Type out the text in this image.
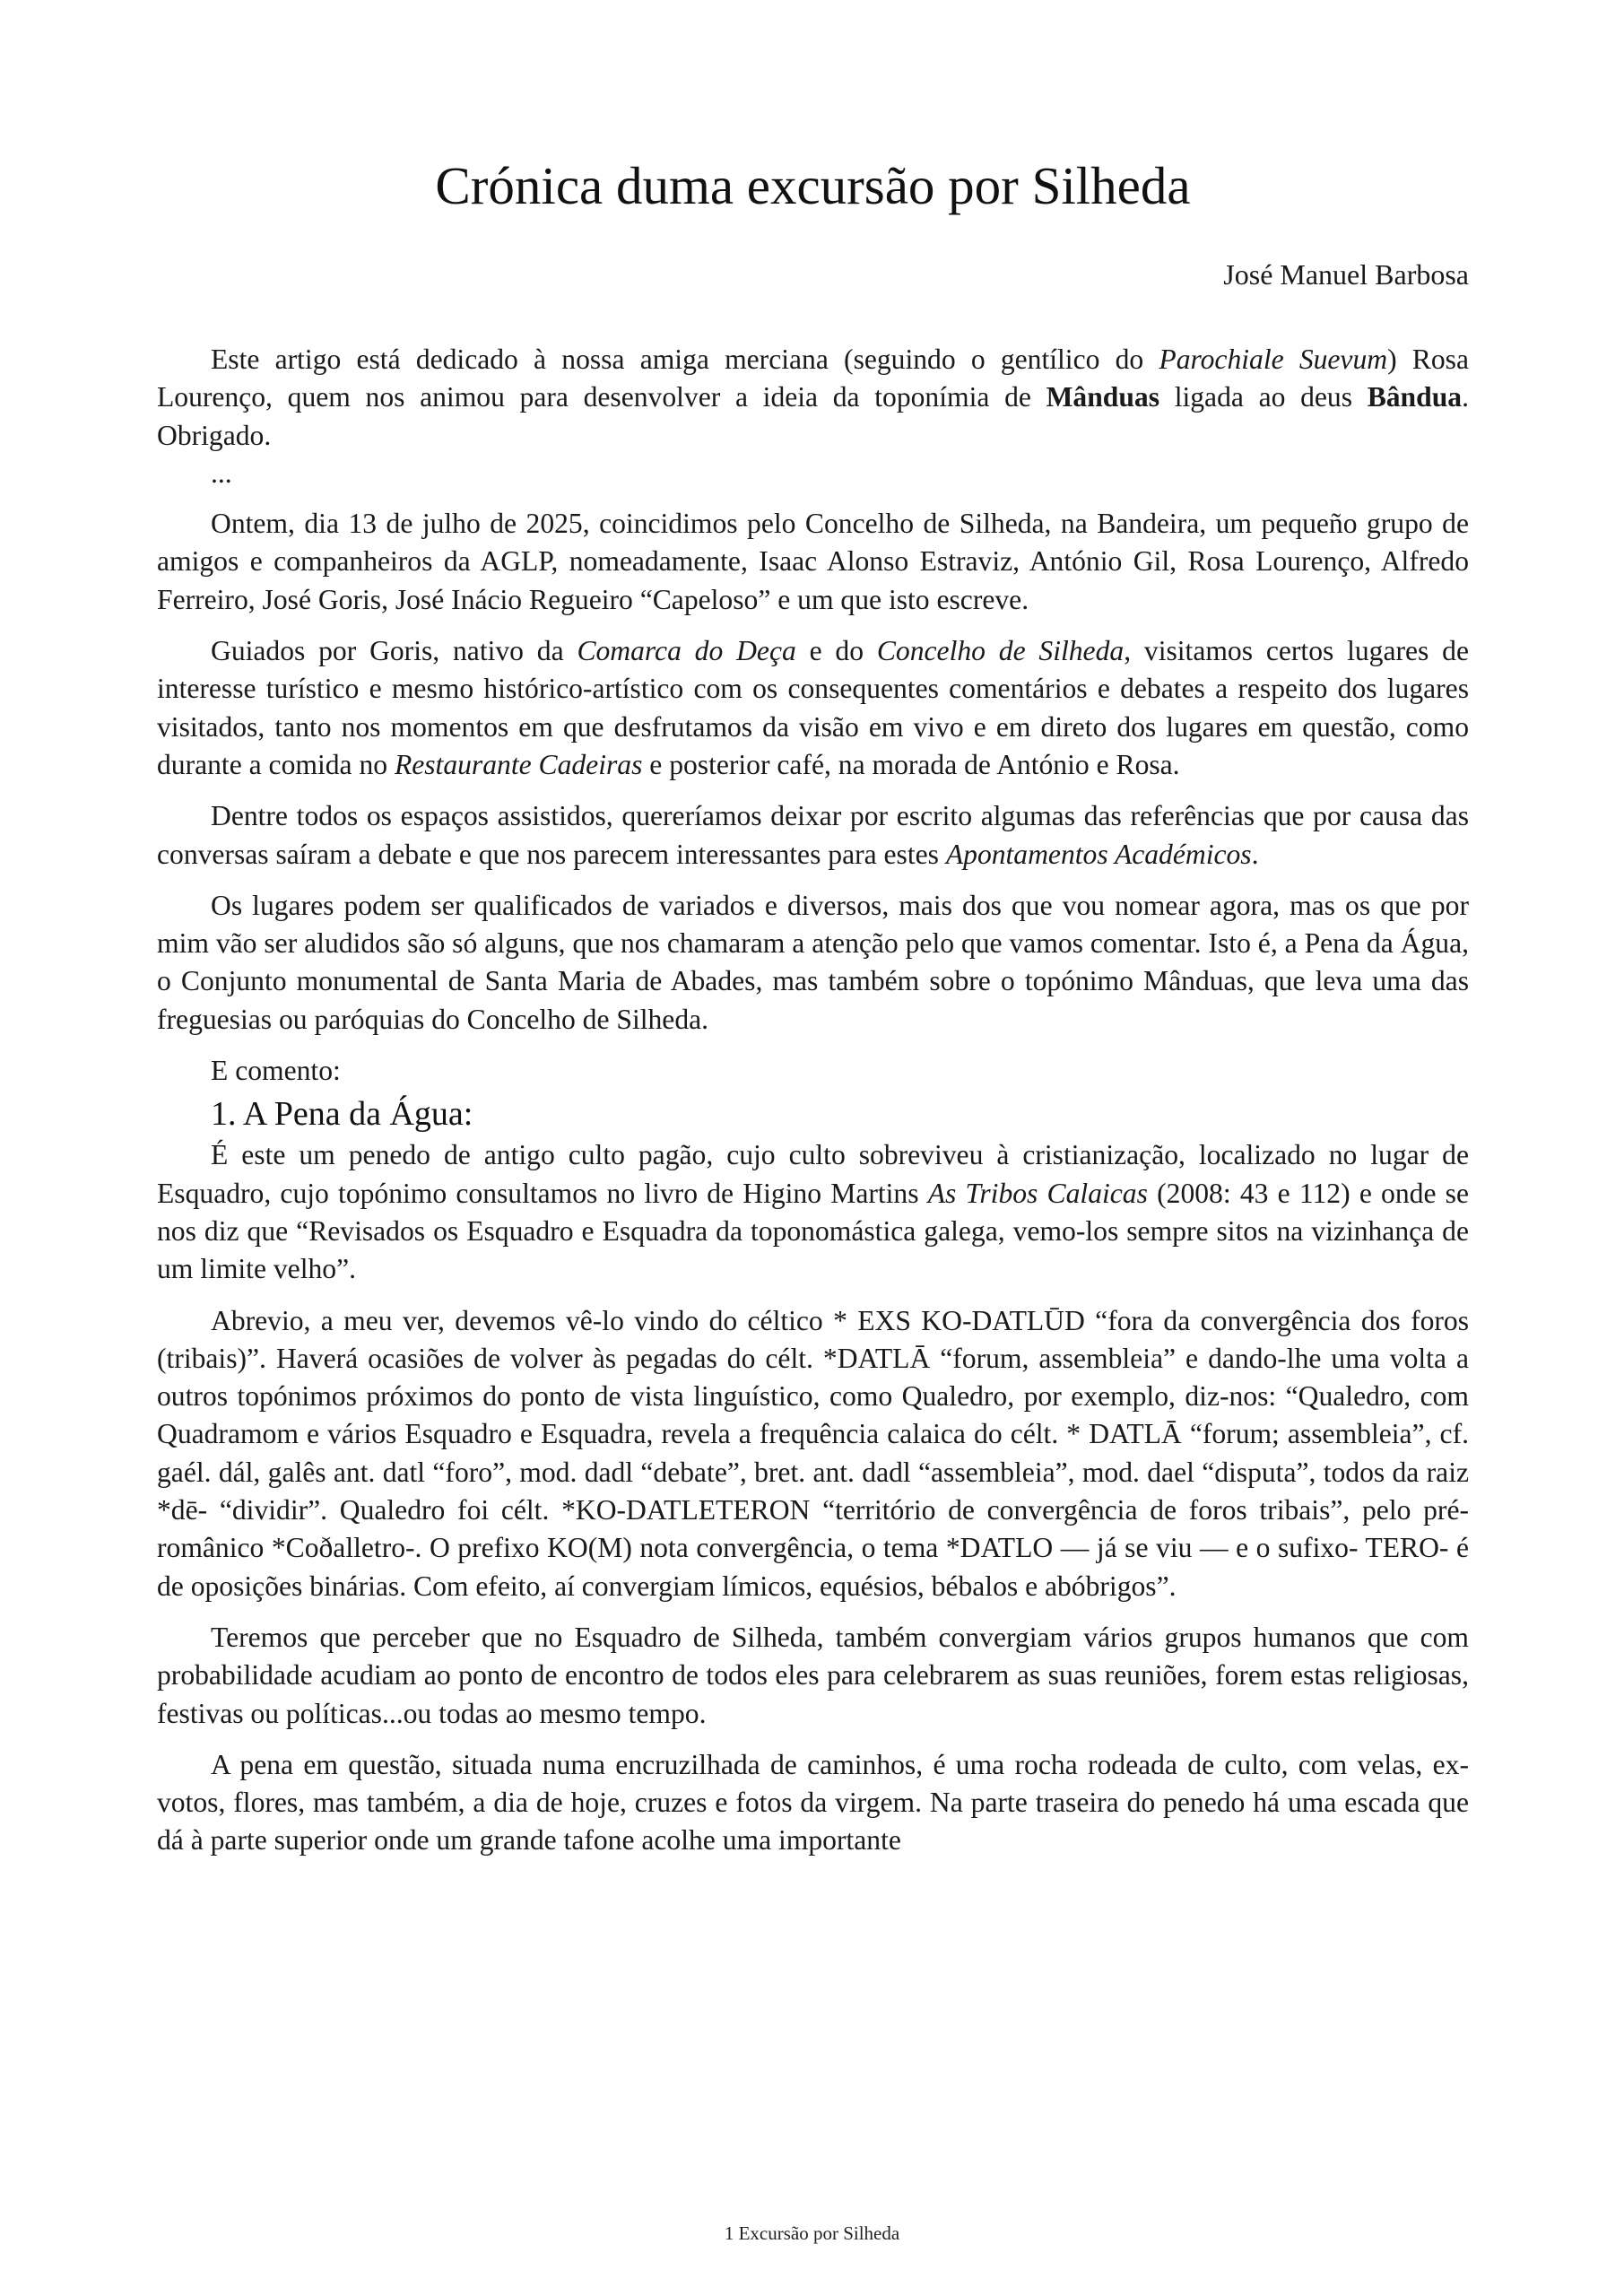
Crónica duma excursão por Silheda
José Manuel Barbosa

Este artigo está dedicado à nossa amiga merciana (seguindo o gentílico do Parochiale Suevum) Rosa Lourenço, quem nos animou para desenvolver a ideia da toponímia de Mânduas ligada ao deus Bândua. Obrigado.

...

Ontem, dia 13 de julho de 2025, coincidimos pelo Concelho de Silheda, na Bandeira, um pequeño grupo de amigos e companheiros da AGLP, nomeadamente, Isaac Alonso Estraviz, António Gil, Rosa Lourenço, Alfredo Ferreiro, José Goris, José Inácio Regueiro “Capeloso” e um que isto escreve.

Guiados por Goris, nativo da Comarca do Deça e do Concelho de Silheda, visitamos certos lugares de interesse turístico e mesmo histórico-artístico com os consequentes comentários e debates a respeito dos lugares visitados, tanto nos momentos em que desfrutamos da visão em vivo e em direto dos lugares em questão, como durante a comida no Restaurante Cadeiras e posterior café, na morada de António e Rosa.

Dentre todos os espaços assistidos, quereríamos deixar por escrito algumas das referências que por causa das conversas saíram a debate e que nos parecem interessantes para estes Apontamentos Académicos.

Os lugares podem ser qualificados de variados e diversos, mais dos que vou nomear agora, mas os que por mim vão ser aludidos são só alguns, que nos chamaram a atenção pelo que vamos comentar. Isto é, a Pena da Água, o Conjunto monumental de Santa Maria de Abades, mas também sobre o topónimo Mânduas, que leva uma das freguesias ou paróquias do Concelho de Silheda.

E comento:

1. A Pena da Água:

É este um penedo de antigo culto pagão, cujo culto sobreviveu à cristianização, localizado no lugar de Esquadro, cujo topónimo consultamos no livro de Higino Martins As Tribos Calaicas (2008: 43 e 112) e onde se nos diz que “Revisados os Esquadro e Esquadra da toponomástica galega, vemo-los sempre sitos na vizinhança de um limite velho”.

Abrevio, a meu ver, devemos vê-lo vindo do céltico * EXS KO-DATLŪD “fora da convergência dos foros (tribais)”. Haverá ocasiões de volver às pegadas do célt. *DATLĀ “forum, assembleia” e dando-lhe uma volta a outros topónimos próximos do ponto de vista linguístico, como Qualedro, por exemplo, diz-nos: “Qualedro, com Quadramom e vários Esquadro e Esquadra, revela a frequência calaica do célt. * DATLĀ “forum; assembleia”, cf. gaél. dál, galês ant. datl “foro”, mod. dadl “debate”, bret. ant. dadl “assembleia”, mod. dael “disputa”, todos da raiz *dē- “dividir”. Qualedro foi célt. *KO-DATLETERON “território de convergência de foros tribais”, pelo pré-românico *Coðalletro-. O prefixo KO(M) nota convergência, o tema *DATLO — já se viu — e o sufixo- TERO- é de oposições binárias. Com efeito, aí convergiam límicos, equésios, bébalos e abóbrigos”.

Teremos que perceber que no Esquadro de Silheda, também convergiam vários grupos humanos que com probabilidade acudiam ao ponto de encontro de todos eles para celebrarem as suas reuniões, forem estas religiosas, festivas ou políticas...ou todas ao mesmo tempo.

A pena em questão, situada numa encruzilhada de caminhos, é uma rocha rodeada de culto, com velas, ex-votos, flores, mas também, a dia de hoje, cruzes e fotos da virgem. Na parte traseira do penedo há uma escada que dá à parte superior onde um grande tafone acolhe uma importante

1 Excursão por Silheda
